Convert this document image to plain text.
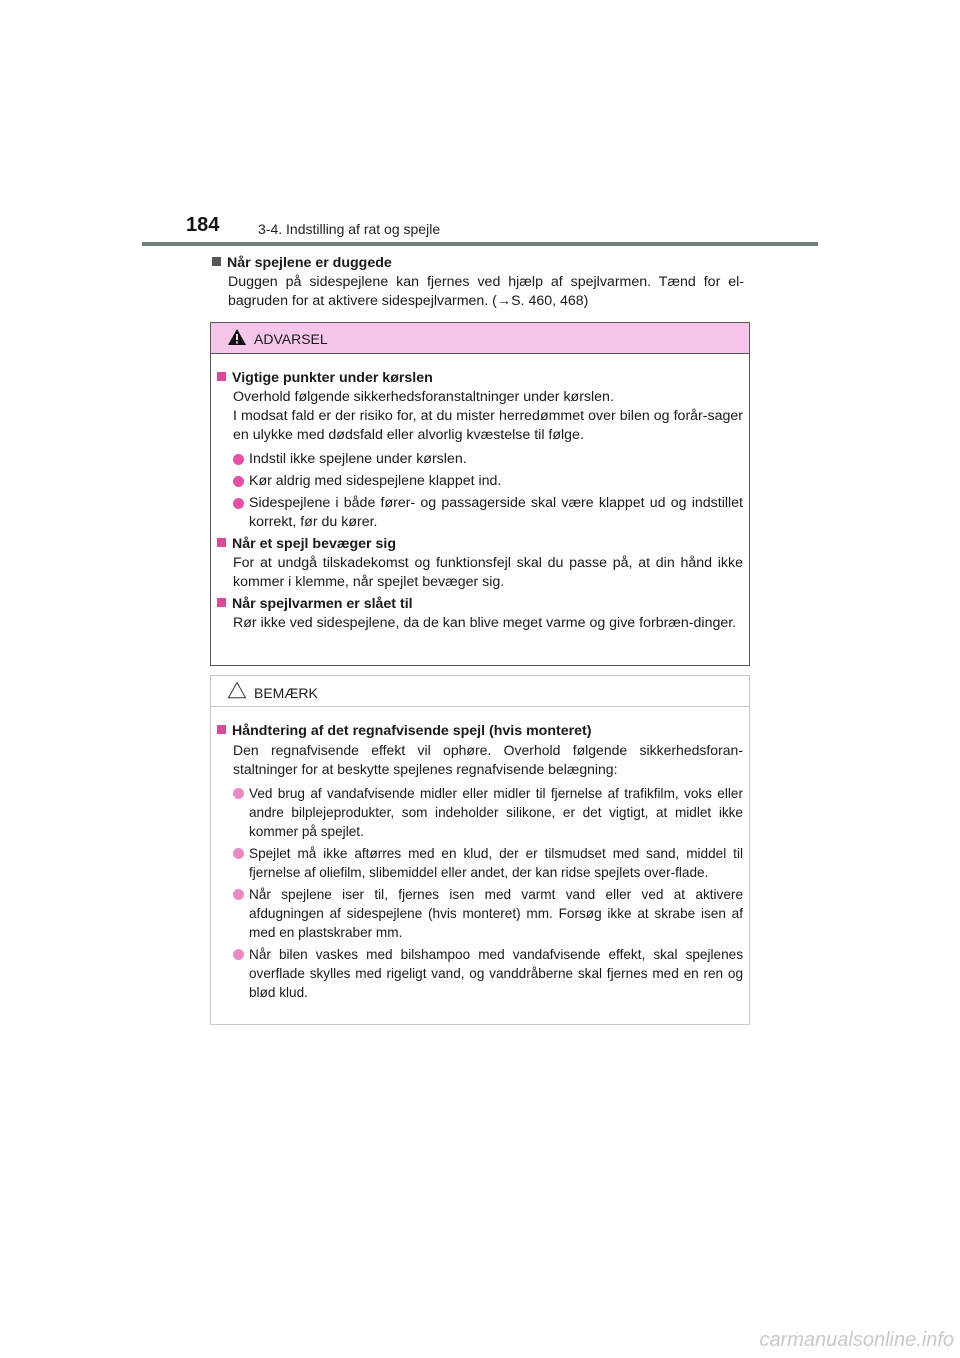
184	3-4. Indstilling af rat og spejle
Når spejlene er duggede
Duggen på sidespejlene kan fjernes ved hjælp af spejlvarmen. Tænd for el-bagruden for at aktivere sidespejlvarmen. (→S. 460, 468)
ADVARSEL
Vigtige punkter under kørslen
Overhold følgende sikkerhedsforanstaltninger under kørslen.
I modsat fald er der risiko for, at du mister herredømmet over bilen og forår-sager en ulykke med dødsfald eller alvorlig kvæstelse til følge.
Indstil ikke spejlene under kørslen.
Kør aldrig med sidespejlene klappet ind.
Sidespejlene i både fører- og passagerside skal være klappet ud og indstillet korrekt, før du kører.
Når et spejl bevæger sig
For at undgå tilskadekomst og funktionsfejl skal du passe på, at din hånd ikke kommer i klemme, når spejlet bevæger sig.
Når spejlvarmen er slået til
Rør ikke ved sidespejlene, da de kan blive meget varme og give forbræn-dinger.
BEMÆRK
Håndtering af det regnafvisende spejl (hvis monteret)
Den regnafvisende effekt vil ophøre. Overhold følgende sikkerhedsforan-staltninger for at beskytte spejlenes regnafvisende belægning:
Ved brug af vandafvisende midler eller midler til fjernelse af trafikfilm, voks eller andre bilplejeprodukter, som indeholder silikone, er det vigtigt, at midlet ikke kommer på spejlet.
Spejlet må ikke aftørres med en klud, der er tilsmudset med sand, middel til fjernelse af oliefilm, slibemiddel eller andet, der kan ridse spejlets over-flade.
Når spejlene iser til, fjernes isen med varmt vand eller ved at aktivere afdugningen af sidespejlene (hvis monteret) mm. Forsøg ikke at skrabe isen af med en plastskraber mm.
Når bilen vaskes med bilshampoo med vandafvisende effekt, skal spejlenes overflade skylles med rigeligt vand, og vanddråberne skal fjernes med en ren og blød klud.
carmanualsonline.info
